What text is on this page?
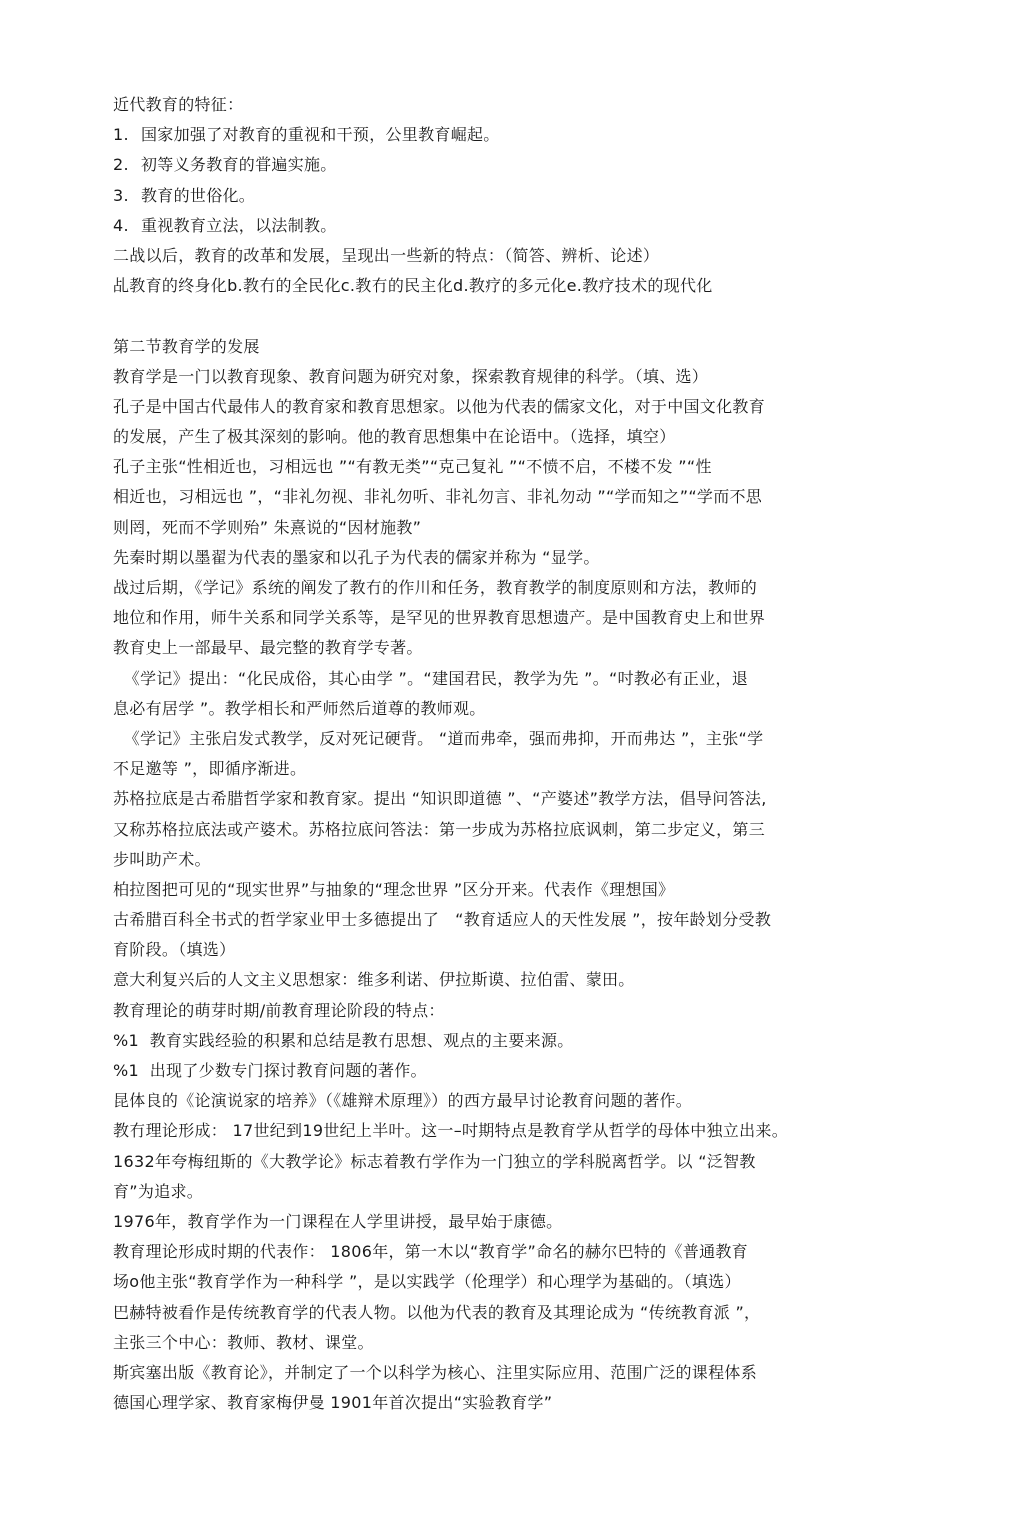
近代教育的特征：
1. 国家加强了对教育的重视和干预，公里教育崛起。
2. 初等义务教育的甞遍实施。
3. 教育的世俗化。
4. 重视教育立法，以法制教。
二战以后，教育的改革和发展，呈现出一些新的特点：（简答、辨析、论述）
乩教育的终身化b.教冇的全民化c.教冇的民主化d.教疗的多元化e.教疗技术的现代化
第二节教育学的发展
教育学是一门以教育现象、教育问题为研究对象，探索教育规律的科学。（填、选）
孔子是中国古代最伟人的教育家和教育思想家。以他为代表的儒家文化，对于中国文化教育
的发展，产生了极其深刻的影响。他的教育思想集中在论语中。（选择，填空）
孔子主张“性相近也，习相远也 ”“有教无类”“克己复礼 ”“不愤不启，不楼不发 ”“性
相近也，习相远也 ”，“非礼勿视、非礼勿听、非礼勿言、非礼勿动 ”“学而知之”“学而不思
则罔，死而不学则殆” 朱熹说的“因材施教”
先秦时期以墨翟为代表的墨家和以孔子为代表的儒家并称为 “显学。
战过后期，《学记》系统的阐发了教冇的作川和任务，教育教学的制度原则和方法，教师的
地位和作用，师牛关系和同学关系等，是罕见的世界教育思想遗产。是中国教育史上和世界
教育史上一部最早、最完整的教育学专著。
《学记》提出：“化民成俗，其心由学 ”。“建国君民，教学为先 ”。“吋教必有正业，退
息必有居学 ”。教学相长和严师然后道尊的教师观。
《学记》主张启发式教学，反对死记硬背。 “道而弗牵，强而弗抑，开而弗达 ”，主张“学
不足邀等 ”，即循序渐进。
苏格拉底是古希腊哲学家和教育家。提出 “知识即道德 ”、“产婆述”教学方法，倡导问答法,
又称苏格拉底法或产婆术。苏格拉底问答法：第一步成为苏格拉底讽刺，第二步定义，第三
步叫助产术。
柏拉图把可见的“现实世界”与抽象的“理念世界 ”区分开来。代表作《理想国》
古希腊百科全书式的哲学家业甲士多德提出了   “教育适应人的天性发展 ”，按年龄划分受教
育阶段。（填选）
意大利复兴后的人文主义思想家：维多利诺、伊拉斯谟、拉伯雷、蒙田。
教育理论的萌芽时期/前教育理论阶段的特点：
%1  教育实践经验的积累和总结是教冇思想、观点的主要来源。
%1  出现了少数专门探讨教育问题的著作。
昆体良的《论演说家的培养》（《雄辩术原理》）的西方最早讨论教育问题的著作。
教冇理论形成： 17世纪到19世纪上半叶。这一–吋期特点是教育学从哲学的母体中独立出来。
1632年夸梅纽斯的《大教学论》标志着教冇学作为一门独立的学科脱离哲学。以 “泛智教
育”为追求。
1976年，教育学作为一门课程在人学里讲授，最早始于康德。
教育理论形成时期的代表作： 1806年，第一木以“教育学”命名的赫尔巴特的《普通教育
场o他主张“教育学作为一种科学 ”，是以实践学（伦理学）和心理学为基础的。（填选）
巴赫特被看作是传统教育学的代表人物。以他为代表的教育及其理论成为 “传统教育派 ”，
主张三个中心：教师、教材、课堂。
斯宾塞出版《教育论》，并制定了一个以科学为核心、注里实际应用、范围广泛的课程体系
德国心理学家、教育家梅伊曼 1901年首次提出“实验教育学”
